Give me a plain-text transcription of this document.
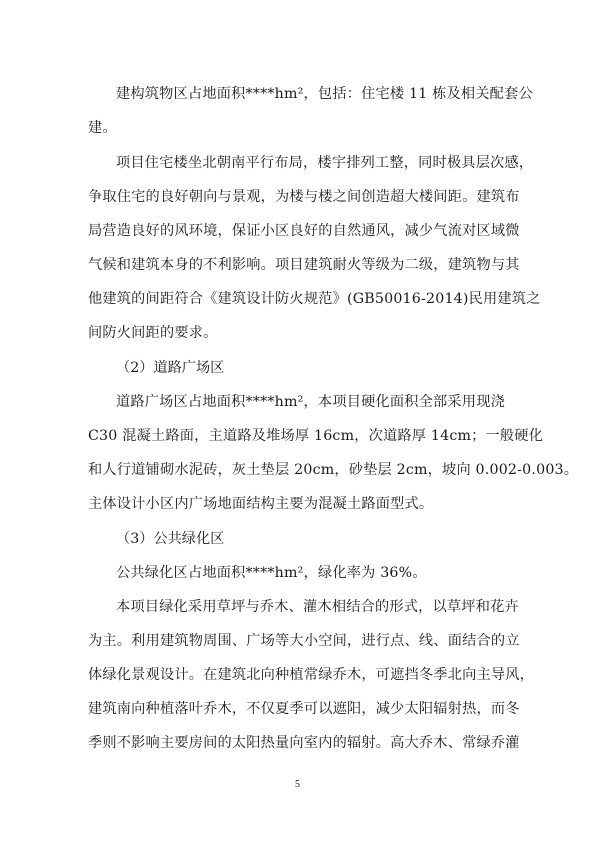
建构筑物区占地面积****hm²，包括：住宅楼 11 栋及相关配套公
建。
项目住宅楼坐北朝南平行布局，楼宇排列工整，同时极具层次感，
争取住宅的良好朝向与景观，为楼与楼之间创造超大楼间距。建筑布
局营造良好的风环境，保证小区良好的自然通风，减少气流对区域微
气候和建筑本身的不利影响。项目建筑耐火等级为二级，建筑物与其
他建筑的间距符合《建筑设计防火规范》(GB50016-2014)民用建筑之
间防火间距的要求。
（2）道路广场区
道路广场区占地面积****hm²，本项目硬化面积全部采用现浇
C30 混凝土路面，主道路及堆场厚 16cm，次道路厚 14cm；一般硬化
和人行道铺砌水泥砖，灰土垫层 20cm，砂垫层 2cm，坡向 0.002-0.003。
主体设计小区内广场地面结构主要为混凝土路面型式。
（3）公共绿化区
公共绿化区占地面积****hm²，绿化率为 36%。
本项目绿化采用草坪与乔木、灌木相结合的形式，以草坪和花卉
为主。利用建筑物周围、广场等大小空间，进行点、线、面结合的立
体绿化景观设计。在建筑北向种植常绿乔木，可遮挡冬季北向主导风，
建筑南向种植落叶乔木，不仅夏季可以遮阳，减少太阳辐射热，而冬
季则不影响主要房间的太阳热量向室内的辐射。高大乔木、常绿乔灌
5
